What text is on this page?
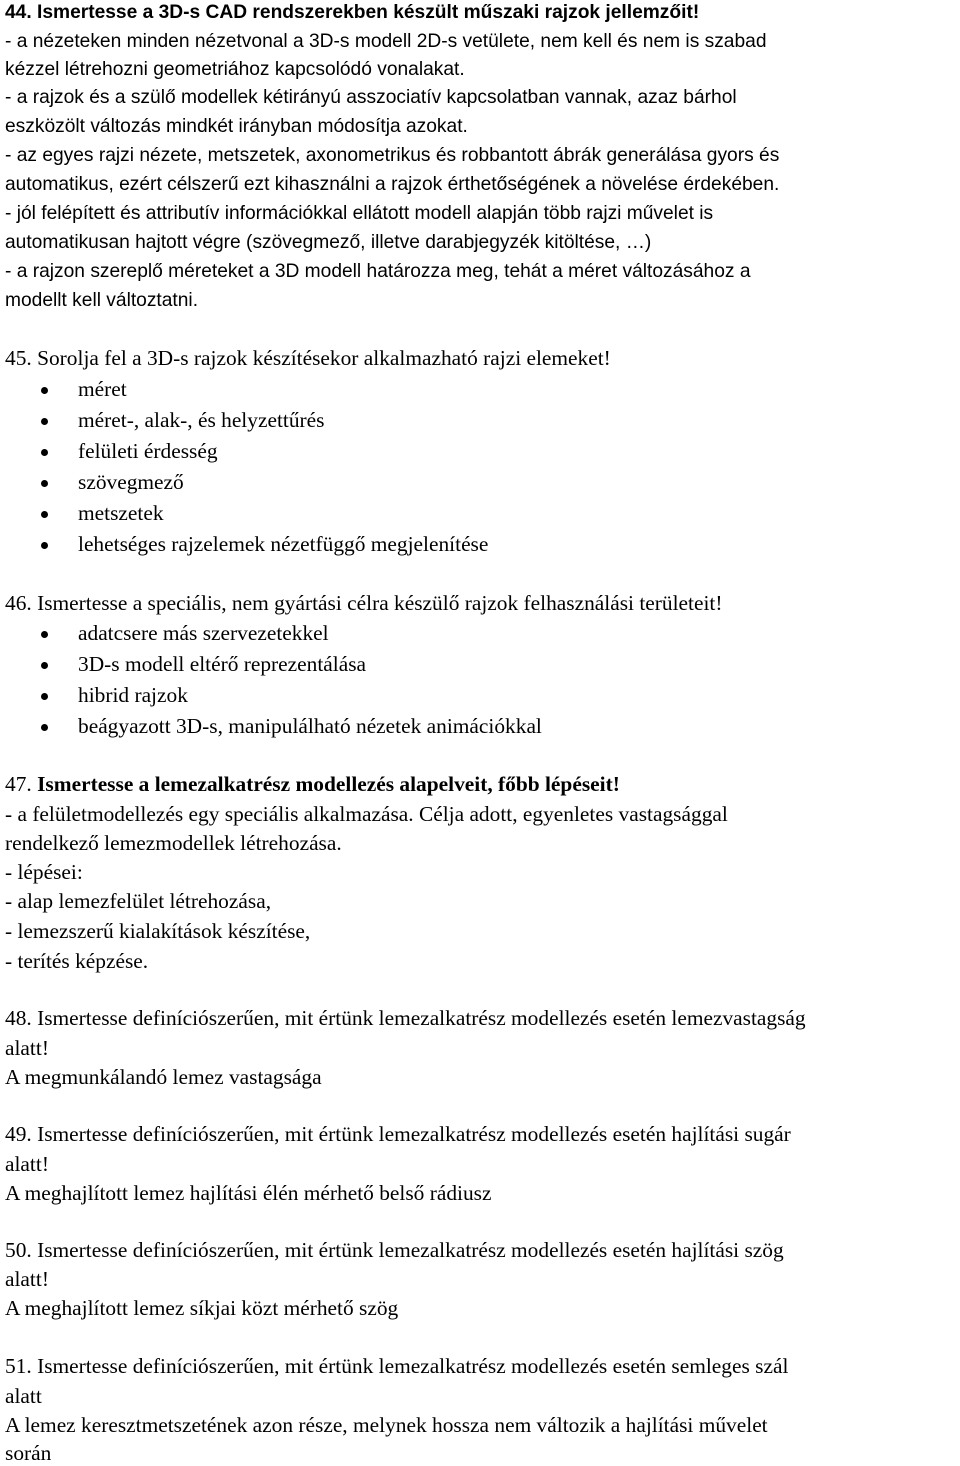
44. Ismertesse a 3D-s CAD rendszerekben készült műszaki rajzok jellemzőit!
- a nézeteken minden nézetvonal a 3D-s modell 2D-s vetülete, nem kell és nem is szabad
kézzel létrehozni geometriához kapcsolódó vonalakat.
- a rajzok és a szülő modellek kétirányú asszociatív kapcsolatban vannak, azaz bárhol
eszközölt változás mindkét irányban módosítja azokat.
- az egyes rajzi nézete, metszetek, axonometrikus és robbantott ábrák generálása gyors és
automatikus, ezért célszerű ezt kihasználni a rajzok érthetőségének a növelése érdekében.
- jól felépített és attributív információkkal ellátott modell alapján több rajzi művelet is
automatikusan hajtott végre (szövegmező, illetve darabjegyzék kitöltése, …)
- a rajzon szereplő méreteket a 3D modell határozza meg, tehát a méret változásához a
modellt kell változtatni.
45. Sorolja fel a 3D-s rajzok készítésekor alkalmazható rajzi elemeket!
méret
méret-, alak-, és helyzettűrés
felületi érdesség
szövegmező
metszetek
lehetséges rajzelemek nézetfüggő megjelenítése
46. Ismertesse a speciális, nem gyártási célra készülő rajzok felhasználási területeit!
adatcsere más szervezetekkel
3D-s modell eltérő reprezentálása
hibrid rajzok
beágyazott 3D-s, manipulálható nézetek animációkkal
47. Ismertesse a lemezalkatrész modellezés alapelveit, főbb lépéseit!
- a felületmodellezés egy speciális alkalmazása. Célja adott, egyenletes vastagsággal
rendelkező lemezmodellek létrehozása.
- lépései:
- alap lemezfelület létrehozása,
- lemezszerű kialakítások készítése,
- terítés képzése.
48. Ismertesse definíciószerűen, mit értünk lemezalkatrész modellezés esetén lemezvastagság
alatt!
A megmunkálandó lemez vastagsága
49. Ismertesse definíciószerűen, mit értünk lemezalkatrész modellezés esetén hajlítási sugár
alatt!
A meghajlított lemez hajlítási élén mérhető belső rádiusz
50. Ismertesse definíciószerűen, mit értünk lemezalkatrész modellezés esetén hajlítási szög
alatt!
A meghajlított lemez síkjai közt mérhető szög
51. Ismertesse definíciószerűen, mit értünk lemezalkatrész modellezés esetén semleges szál
alatt
A lemez keresztmetszetének azon része, melynek hossza nem változik a hajlítási művelet
során
